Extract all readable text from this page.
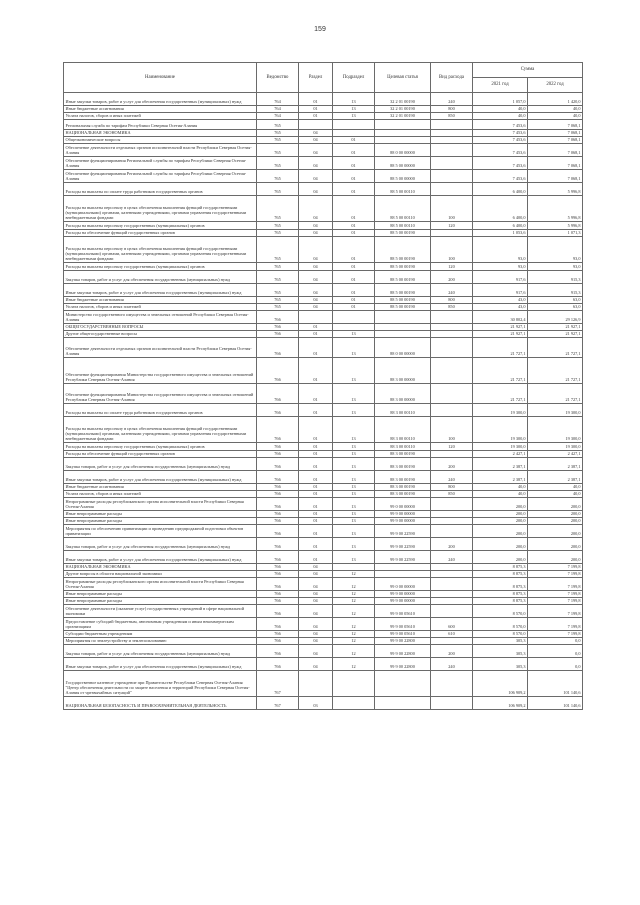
159
Наименование	Ведомство	Раздел	Подраздел	Целевая статья	Вид расхода	Сумма	
						2021 год	2022 год
Иные закупки товаров, работ и услуг для обеспечения государственных (муниципальных) нужд	764	01	13	32 2 01 00190	240	1 057,0	1 420,0
Иные бюджетные ассигнования	764	01	13	32 2 01 00190	800	40,0	40,0
Уплата налогов, сборов и иных платежей	764	01	13	32 2 01 00190	850	40,0	40,0
Региональная служба по тарифам Республики Северная Осетия-Алания	765					7 453,6	7 068,1
НАЦИОНАЛЬНАЯ ЭКОНОМИКА	765	04				7 453,6	7 068,1
Общеэкономические вопросы	765	04	01			7 453,6	7 068,1
Обеспечение деятельности отдельных органов исполнительной власти Республики Северная Осетия-Алания	765	04	01	88 0 00 00000		7 453,6	7 068,1
Обеспечение функционирования Региональной службы по тарифам Республики Северная Осетия-Алания	765	04	01	88 5 00 00000		7 453,6	7 068,1
Обеспечение функционирования Региональной службы по тарифам Республики Северная Осетия-Алания	765	04	01	88 5 00 00000		7 453,6	7 068,1
Расходы на выплаты по оплате труда работников государственных органов	765	04	01	88 5 00 00110		6 400,0	5 996,8
Расходы на выплаты персоналу в целях обеспечения выполнения функций государственными (муниципальными) органами, казенными учреждениями, органами управления государственными внебюджетными фондами	765	04	01	88 5 00 00110	100	6 400,0	5 996,8
Расходы на выплаты персоналу государственных (муниципальных) органов	765	04	01	88 5 00 00110	120	6 400,0	5 996,8
Расходы на обеспечение функций государственных органов	765	04	01	88 5 00 00190		1 053,6	1 071,3
Расходы на выплаты персоналу в целях обеспечения выполнения функций государственными (муниципальными) органами, казенными учреждениями, органами управления государственными внебюджетными фондами	765	04	01	88 5 00 00190	100	93,0	93,0
Расходы на выплаты персоналу государственных (муниципальных) органов	765	04	01	88 5 00 00190	120	93,0	93,0
Закупка товаров, работ и услуг для обеспечения государственных (муниципальных) нужд	765	04	01	88 5 00 00190	200	917,6	915,3
Иные закупки товаров, работ и услуг для обеспечения государственных (муниципальных) нужд	765	04	01	88 5 00 00190	240	917,6	915,3
Иные бюджетные ассигнования	765	04	01	88 5 00 00190	800	43,0	63,0
Уплата налогов, сборов и иных платежей	765	04	01	88 5 00 00190	850	43,0	63,0
Министерство государственного имущества и земельных отношений Республики Северная Осетия-Алания	766					30 802,4	29 126,9
ОБЩЕГОСУДАРСТВЕННЫЕ ВОПРОСЫ	766	01				21 927,1	21 927,1
Другие общегосударственные вопросы	766	01	13			21 927,1	21 927,1
Обеспечение деятельности отдельных органов исполнительной власти Республики Северная Осетия-Алания	766	01	13	88 0 00 00000		21 727,1	21 727,1
Обеспечение функционирования Министерства государственного имущества и земельных отношений Республики Северная Осетия-Алания	766	01	13	88 3 00 00000		21 727,1	21 727,1
Обеспечение функционирования Министерства государственного имущества и земельных отношений Республики Северная Осетия-Алания	766	01	13	88 3 00 00000		21 727,1	21 727,1
Расходы на выплаты по оплате труда работников государственных органов	766	01	13	88 3 00 00110		19 300,0	19 300,0
Расходы на выплаты персоналу в целях обеспечения выполнения функций государственными (муниципальными) органами, казенными учреждениями, органами управления государственными внебюджетными фондами	766	01	13	88 3 00 00110	100	19 300,0	19 300,0
Расходы на выплаты персоналу государственных (муниципальных) органов	766	01	13	88 3 00 00110	120	19 300,0	19 300,0
Расходы на обеспечение функций государственных органов	766	01	13	88 3 00 00190		2 427,1	2 427,1
Закупка товаров, работ и услуг для обеспечения государственных (муниципальных) нужд	766	01	13	88 3 00 00190	200	2 387,1	2 387,1
Иные закупки товаров, работ и услуг для обеспечения государственных (муниципальных) нужд	766	01	13	88 3 00 00190	240	2 387,1	2 387,1
Иные бюджетные ассигнования	766	01	13	88 3 00 00190	800	40,0	40,0
Уплата налогов, сборов и иных платежей	766	01	13	88 3 00 00190	850	40,0	40,0
Непрограммные расходы республиканского органа исполнительной власти Республики Северная Осетия-Алания	766	01	13	99 0 00 00000		200,0	200,0
Иные непрограммные расходы	766	01	13	99 9 00 00000		200,0	200,0
Иные непрограммные расходы	766	01	13	99 9 00 00000		200,0	200,0
Мероприятия по обеспечению приватизации и проведению предпродажной подготовки объектов приватизации	766	01	13	99 9 00 22590		200,0	200,0
Закупка товаров, работ и услуг для обеспечения государственных (муниципальных) нужд	766	01	13	99 9 00 22590	200	200,0	200,0
Иные закупки товаров, работ и услуг для обеспечения государственных (муниципальных) нужд	766	01	13	99 9 00 22590	240	200,0	200,0
НАЦИОНАЛЬНАЯ ЭКОНОМИКА	766	04				8 875,3	7 199,8
Другие вопросы в области национальной экономики	766	04	12			8 875,3	7 199,8
Непрограммные расходы республиканского органа исполнительной власти Республики Северная Осетия-Алания	766	04	12	99 0 00 00000		8 875,3	7 199,8
Иные непрограммные расходы	766	04	12	99 9 00 00000		8 875,3	7 199,8
Иные непрограммные расходы	766	04	12	99 9 00 00000		8 875,3	7 199,8
Обеспечение деятельности (оказание услуг) государственных учреждений в сфере национальной экономики	766	04	12	99 9 00 05610		8 570,0	7 199,8
Предоставление субсидий бюджетным, автономным учреждениям и иным некоммерческим организациям	766	04	12	99 9 00 05610	600	8 570,0	7 199,8
Субсидии бюджетным учреждениям	766	04	12	99 9 00 05610	610	8 570,0	7 199,8
Мероприятия по землеустройству и землепользованию	766	04	12	99 9 00 22800		305,3	0,0
Закупка товаров, работ и услуг для обеспечения государственных (муниципальных) нужд	766	04	12	99 9 00 22800	200	305,3	0,0
Иные закупки товаров, работ и услуг для обеспечения государственных (муниципальных) нужд	766	04	12	99 9 00 22800	240	305,3	0,0
Государственное казенное учреждение при Правительстве Республики Северная Осетия-Алания "Центр обеспечения деятельности по защите населения и территорий Республики Северная Осетия-Алания от чрезвычайных ситуаций"	767					106 909,2	101 140,6
НАЦИОНАЛЬНАЯ БЕЗОПАСНОСТЬ И ПРАВООХРАНИТЕЛЬНАЯ ДЕЯТЕЛЬНОСТЬ	767	03				106 909,2	101 140,6
